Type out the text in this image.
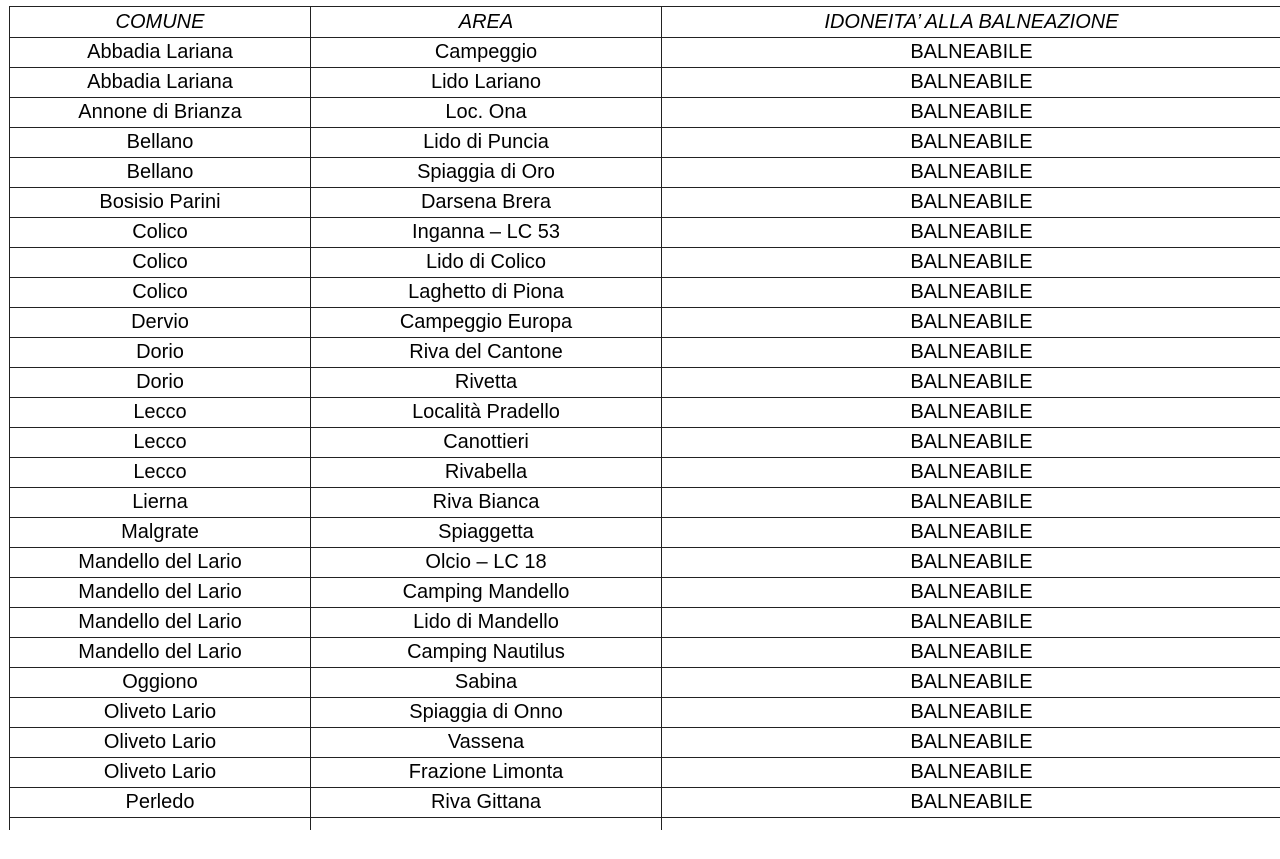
COMUNE	AREA	IDONEITA’ ALLA BALNEAZIONE
Abbadia Lariana	Campeggio	BALNEABILE
Abbadia Lariana	Lido Lariano	BALNEABILE
Annone di Brianza	Loc. Ona	BALNEABILE
Bellano	Lido di Puncia	BALNEABILE
Bellano	Spiaggia di Oro	BALNEABILE
Bosisio Parini	Darsena Brera	BALNEABILE
Colico	Inganna – LC 53	BALNEABILE
Colico	Lido di Colico	BALNEABILE
Colico	Laghetto di Piona	BALNEABILE
Dervio	Campeggio Europa	BALNEABILE
Dorio	Riva del Cantone	BALNEABILE
Dorio	Rivetta	BALNEABILE
Lecco	Località Pradello	BALNEABILE
Lecco	Canottieri	BALNEABILE
Lecco	Rivabella	BALNEABILE
Lierna	Riva Bianca	BALNEABILE
Malgrate	Spiaggetta	BALNEABILE
Mandello del Lario	Olcio – LC 18	BALNEABILE
Mandello del Lario	Camping Mandello	BALNEABILE
Mandello del Lario	Lido di Mandello	BALNEABILE
Mandello del Lario	Camping Nautilus	BALNEABILE
Oggiono	Sabina	BALNEABILE
Oliveto Lario	Spiaggia di Onno	BALNEABILE
Oliveto Lario	Vassena	BALNEABILE
Oliveto Lario	Frazione Limonta	BALNEABILE
Perledo	Riva Gittana	BALNEABILE
